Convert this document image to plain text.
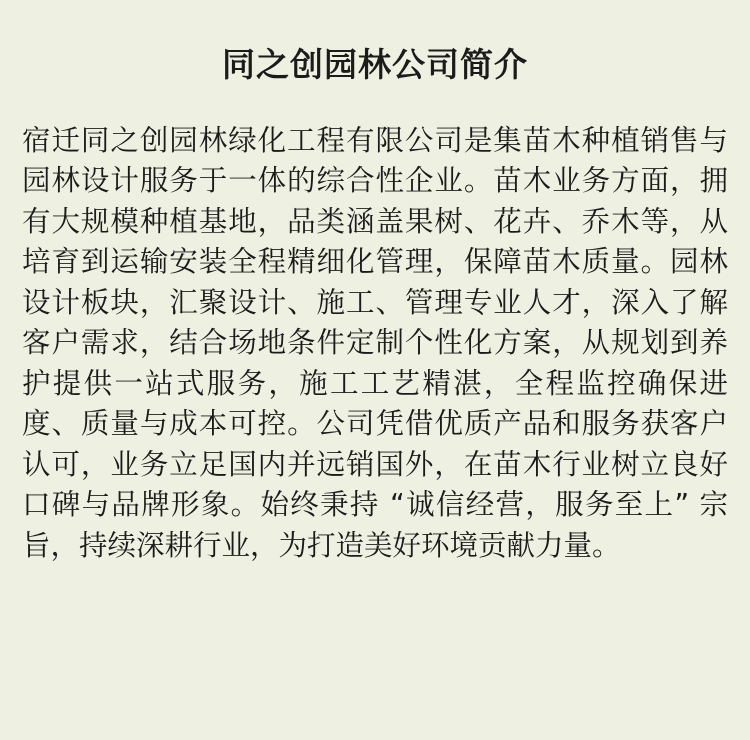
同之创园林公司简介

宿迁同之创园林绿化工程有限公司是集苗木种植销售与园林设计服务于一体的综合性企业。苗木业务方面，拥有大规模种植基地，品类涵盖果树、花卉、乔木等，从培育到运输安装全程精细化管理，保障苗木质量。园林设计板块，汇聚设计、施工、管理专业人才，深入了解客户需求，结合场地条件定制个性化方案，从规划到养护提供一站式服务，施工工艺精湛，全程监控确保进度、质量与成本可控。公司凭借优质产品和服务获客户认可，业务立足国内并远销国外，在苗木行业树立良好口碑与品牌形象。始终秉持 “诚信经营，服务至上” 宗旨，持续深耕行业，为打造美好环境贡献力量。
